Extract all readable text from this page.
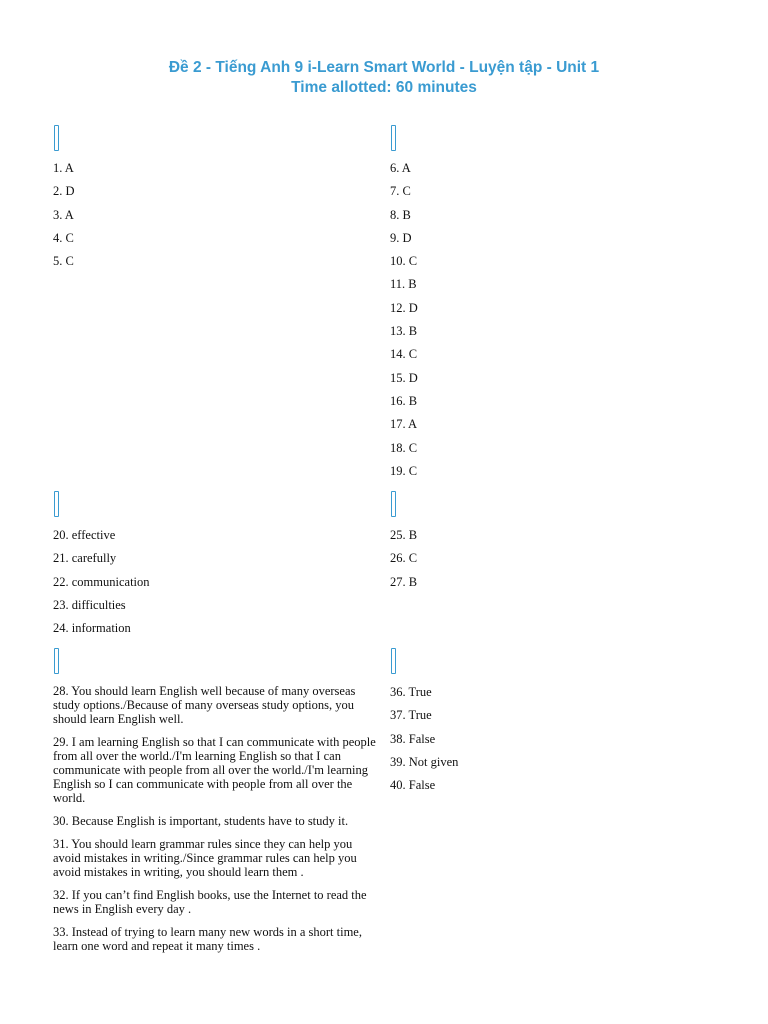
Đề 2 - Tiếng Anh 9 i-Learn Smart World - Luyện tập - Unit 1
Time allotted: 60 minutes

1. A

2. D

3. A

4. C

5. C

6. A

7. C

8. B

9. D

10. C

11. B

12. D

13. B

14. C

15. D

16. B

17. A

18. C

19. C

20. effective

21. carefully

22. communication

23. difficulties

24. information

25. B

26. C

27. B

28. You should learn English well because of many overseas study options./Because of many overseas study options, you should learn English well.

29. I am learning English so that I can communicate with people from all over the world./I'm learning English so that I can communicate with people from all over the world./I'm learning English so I can communicate with people from all over the world.

30. Because English is important, students have to study it.

31. You should learn grammar rules since they can help you avoid mistakes in writing./Since grammar rules can help you avoid mistakes in writing, you should learn them .

32. If you can’t find English books, use the Internet to read the news in English every day .

33. Instead of trying to learn many new words in a short time, learn one word and repeat it many times .

36. True

37. True

38. False

39. Not given

40. False
